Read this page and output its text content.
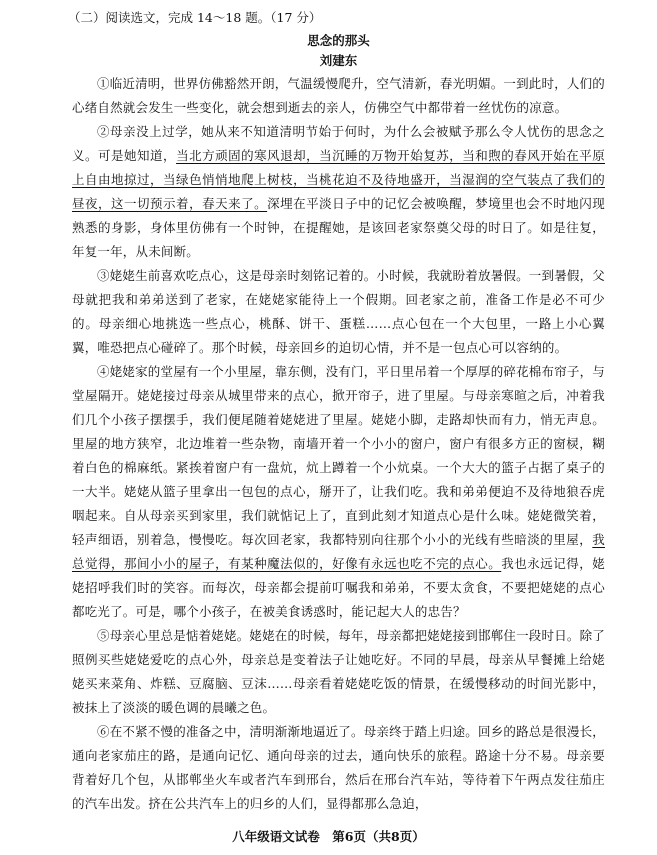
（二）阅读选文，完成 14～18 题。（17 分）
思念的那头
刘建东

①临近清明，世界仿佛豁然开朗，气温缓慢爬升，空气清新，春光明媚。一到此时，人们的心绪自然就会发生一些变化，就会想到逝去的亲人，仿佛空气中都带着一丝忧伤的凉意。

②母亲没上过学，她从来不知道清明节始于何时，为什么会被赋予那么令人忧伤的思念之义。可是她知道，当北方顽固的寒风退却，当沉睡的万物开始复苏，当和煦的春风开始在平原上自由地掠过，当绿色悄悄地爬上树枝，当桃花迫不及待地盛开，当湿润的空气装点了我们的昼夜，这一切预示着，春天来了。深埋在平淡日子中的记忆会被唤醒，梦境里也会不时地闪现熟悉的身影，身体里仿佛有一个时钟，在提醒她，是该回老家祭奠父母的时日了。如是往复，年复一年，从未间断。

③姥姥生前喜欢吃点心，这是母亲时刻铭记着的。小时候，我就盼着放暑假。一到暑假，父母就把我和弟弟送到了老家，在姥姥家能待上一个假期。回老家之前，准备工作是必不可少的。母亲细心地挑选一些点心，桃酥、饼干、蛋糕……点心包在一个大包里，一路上小心翼翼，唯恐把点心碰碎了。那个时候，母亲回乡的迫切心情，并不是一包点心可以容纳的。

④姥姥家的堂屋有一个小里屋，靠东侧，没有门，平日里吊着一个厚厚的碎花棉布帘子，与堂屋隔开。姥姥接过母亲从城里带来的点心，掀开帘子，进了里屋。与母亲寒暄之后，冲着我们几个小孩子摆摆手，我们便尾随着姥姥进了里屋。姥姥小脚，走路却快而有力，悄无声息。里屋的地方狭窄，北边堆着一些杂物，南墙开着一个小小的窗户，窗户有很多方正的窗棂，糊着白色的棉麻纸。紧挨着窗户有一盘炕，炕上蹲着一个小炕桌。一个大大的篮子占据了桌子的一大半。姥姥从篮子里拿出一包包的点心，掰开了，让我们吃。我和弟弟便迫不及待地狼吞虎咽起来。自从母亲买到家里，我们就惦记上了，直到此刻才知道点心是什么味。姥姥微笑着，轻声细语，别着急，慢慢吃。每次回老家，我都特别向往那个小小的光线有些暗淡的里屋，我总觉得，那间小小的屋子，有某种魔法似的，好像有永远也吃不完的点心。我也永远记得，姥姥招呼我们时的笑容。而每次，母亲都会提前叮嘱我和弟弟，不要太贪食，不要把姥姥的点心都吃光了。可是，哪个小孩子，在被美食诱惑时，能记起大人的忠告？

⑤母亲心里总是惦着姥姥。姥姥在的时候，每年，母亲都把姥姥接到邯郸住一段时日。除了照例买些姥姥爱吃的点心外，母亲总是变着法子让她吃好。不同的早晨，母亲从早餐摊上给姥姥买来菜角、炸糕、豆腐脑、豆沫……母亲看着姥姥吃饭的情景，在缓慢移动的时间光影中，被抹上了淡淡的暖色调的晨曦之色。

⑥在不紧不慢的准备之中，清明渐渐地逼近了。母亲终于踏上归途。回乡的路总是很漫长，通向老家茄庄的路，是通向记忆、通向母亲的过去，通向快乐的旅程。路途十分不易。母亲要背着好几个包，从邯郸坐火车或者汽车到邢台，然后在邢台汽车站，等待着下午两点发往茄庄的汽车出发。挤在公共汽车上的归乡的人们，显得都那么急迫，

八年级语文试卷　第6页（共8页）
